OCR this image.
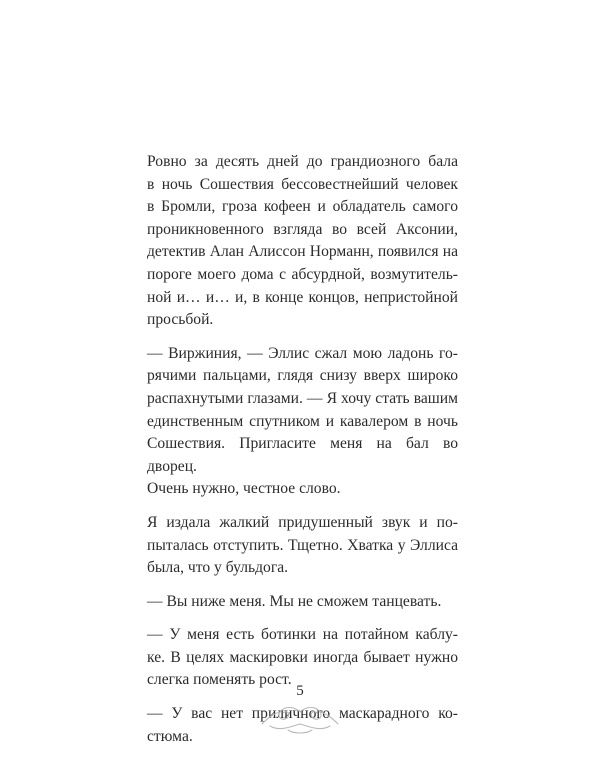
Ровно за десять дней до грандиозного бала
в ночь Сошествия бессовестнейший человек
в Бромли, гроза кофеен и обладатель самого
проникновенного взгляда во всей Аксонии,
детектив Алан Алиссон Норманн, появился на
пороге моего дома с абсурдной, возмутитель-
ной и… и… и, в конце концов, непристойной
просьбой.

— Виржиния, — Эллис сжал мою ладонь го-
рячими пальцами, глядя снизу вверх широко
распахнутыми глазами. — Я хочу стать вашим
единственным спутником и кавалером в ночь
Сошествия. Пригласите меня на бал во дворец.
Очень нужно, честное слово.

Я издала жалкий придушенный звук и по-
пыталась отступить. Тщетно. Хватка у Эллиса
была, что у бульдога.

— Вы ниже меня. Мы не сможем танцевать.

— У меня есть ботинки на потайном каблу-
ке. В целях маскировки иногда бывает нужно
слегка поменять рост.

— У вас нет приличного маскарадного ко-
стюма.

5
